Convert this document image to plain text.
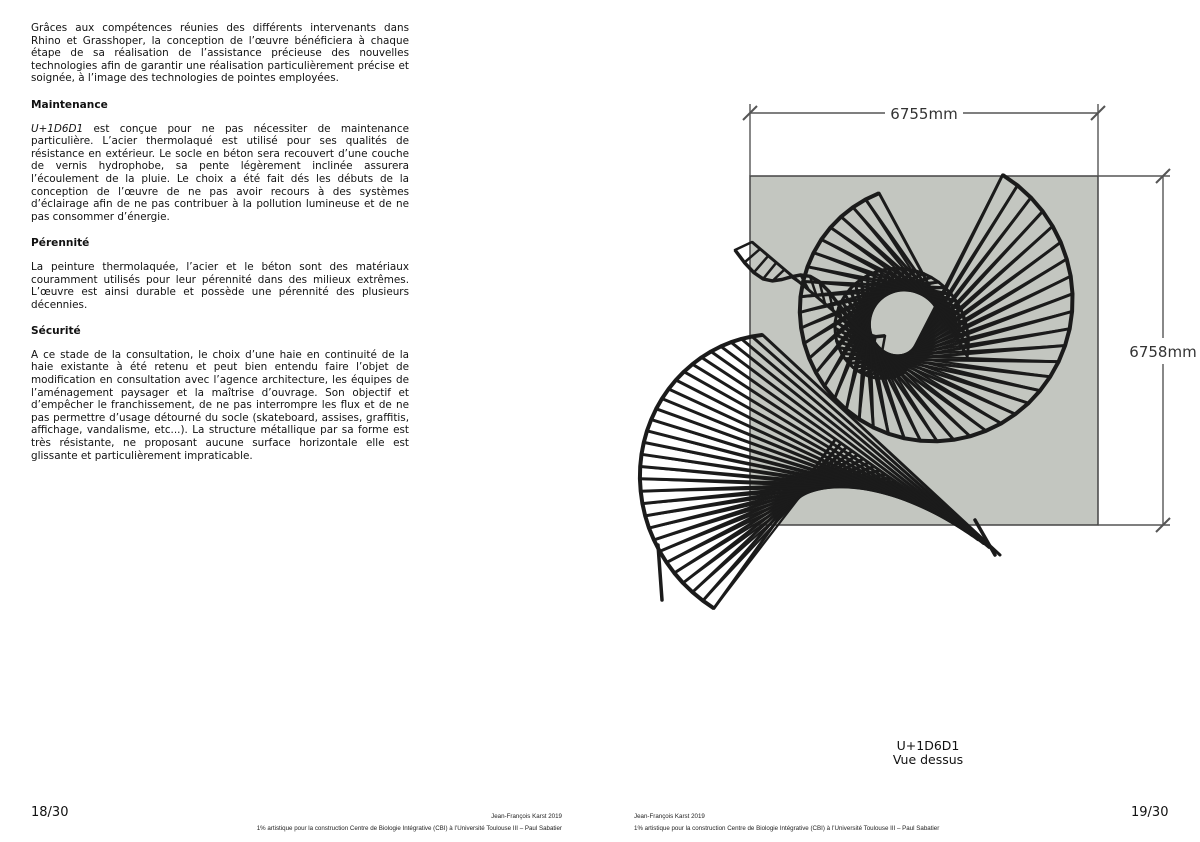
Grâces aux compétences réunies des différents intervenants dans Rhino et Grasshoper, la conception de l’œuvre bénéficiera à chaque étape de sa réalisation de l’assistance précieuse des nouvelles technologies afin de garantir une réalisation particulièrement précise et soignée, à l’image des technologies de pointes employées.

Maintenance

U+1D6D1 est conçue pour ne pas nécessiter de maintenance particulière. L’acier thermolaqué est utilisé pour ses qualités de résistance en extérieur. Le socle en béton sera recouvert d’une couche de vernis hydrophobe, sa pente légèrement inclinée assurera l’écoulement de la pluie. Le choix a été fait dés les débuts de la conception de l’œuvre de ne pas avoir recours à des systèmes d’éclairage afin de ne pas contribuer à la pollution lumineuse et de ne pas consommer d’énergie.

Pérennité

La peinture thermolaquée, l’acier et le béton sont des matériaux couramment utilisés pour leur pérennité dans des milieux extrêmes. L’œuvre est ainsi durable et possède une pérennité des plusieurs décennies.

Sécurité

A ce stade de la consultation, le choix d’une haie en continuité de la haie existante à été retenu et peut bien entendu faire l’objet de modification en consultation avec l’agence architecture, les équipes de l’aménagement paysager et la maîtrise d’ouvrage. Son objectif et d’empêcher le franchissement, de ne pas interrompre les flux et de ne pas permettre d’usage détourné du socle (skateboard, assises, graffitis, affichage, vandalisme, etc...). La structure métallique par sa forme est très résistante, ne proposant aucune surface horizontale elle est glissante et particulièrement impraticable.

6755mm
6758mm
U+1D6D1
Vue dessus
18/30	Jean-François Karst 2019
1% artistique pour la construction Centre de Biologie Intégrative (CBI) à l’Université Toulouse III – Paul Sabatier
Jean-François Karst 2019
1% artistique pour la construction Centre de Biologie Intégrative (CBI) à l’Université Toulouse III – Paul Sabatier
19/30
